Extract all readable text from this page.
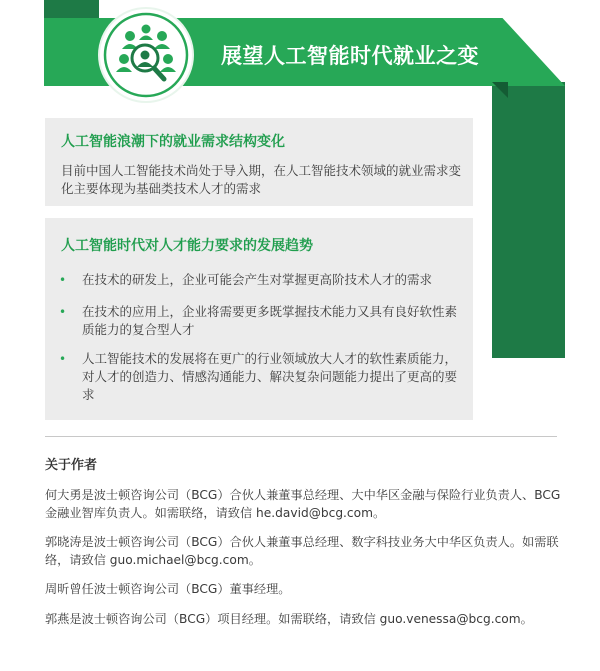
展望人工智能时代就业之变
人工智能浪潮下的就业需求结构变化
目前中国人工智能技术尚处于导入期，在人工智能技术领域的就业需求变化主要体现为基础类技术人才的需求
人工智能时代对人才能力要求的发展趋势
• 在技术的研发上，企业可能会产生对掌握更高阶技术人才的需求
• 在技术的应用上，企业将需要更多既掌握技术能力又具有良好软性素质能力的复合型人才
• 人工智能技术的发展将在更广的行业领域放大人才的软性素质能力，对人才的创造力、情感沟通能力、解决复杂问题能力提出了更高的要求
关于作者
何大勇是波士顿咨询公司（BCG）合伙人兼董事总经理、大中华区金融与保险行业负责人、BCG金融业智库负责人。如需联络，请致信 he.david@bcg.com。
郭晓涛是波士顿咨询公司（BCG）合伙人兼董事总经理、数字科技业务大中华区负责人。如需联络，请致信 guo.michael@bcg.com。
周昕曾任波士顿咨询公司（BCG）董事经理。
郭燕是波士顿咨询公司（BCG）项目经理。如需联络，请致信 guo.venessa@bcg.com。
